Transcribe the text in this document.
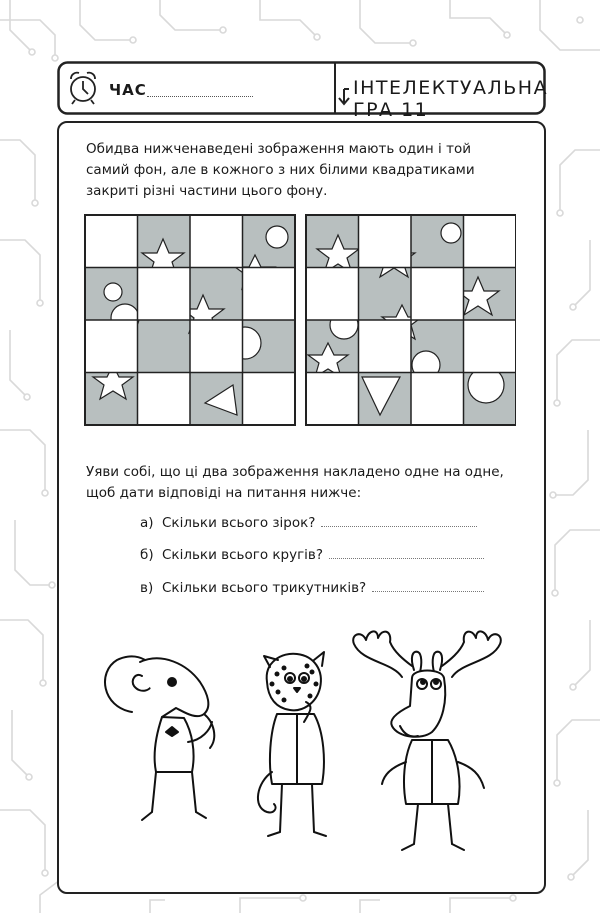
ЧАС	ІНТЕЛЕКТУАЛЬНА ГРА 11
Обидва нижченаведені зображення мають один і той самий фон, але в кожного з них білими квадратиками закриті різні частини цього фону.
Уяви собі, що ці два зображення накладено одне на одне, щоб дати відповіді на питання нижче:
а) Скільки всього зірок?
б) Скільки всього кругів?
в) Скільки всього трикутників?
